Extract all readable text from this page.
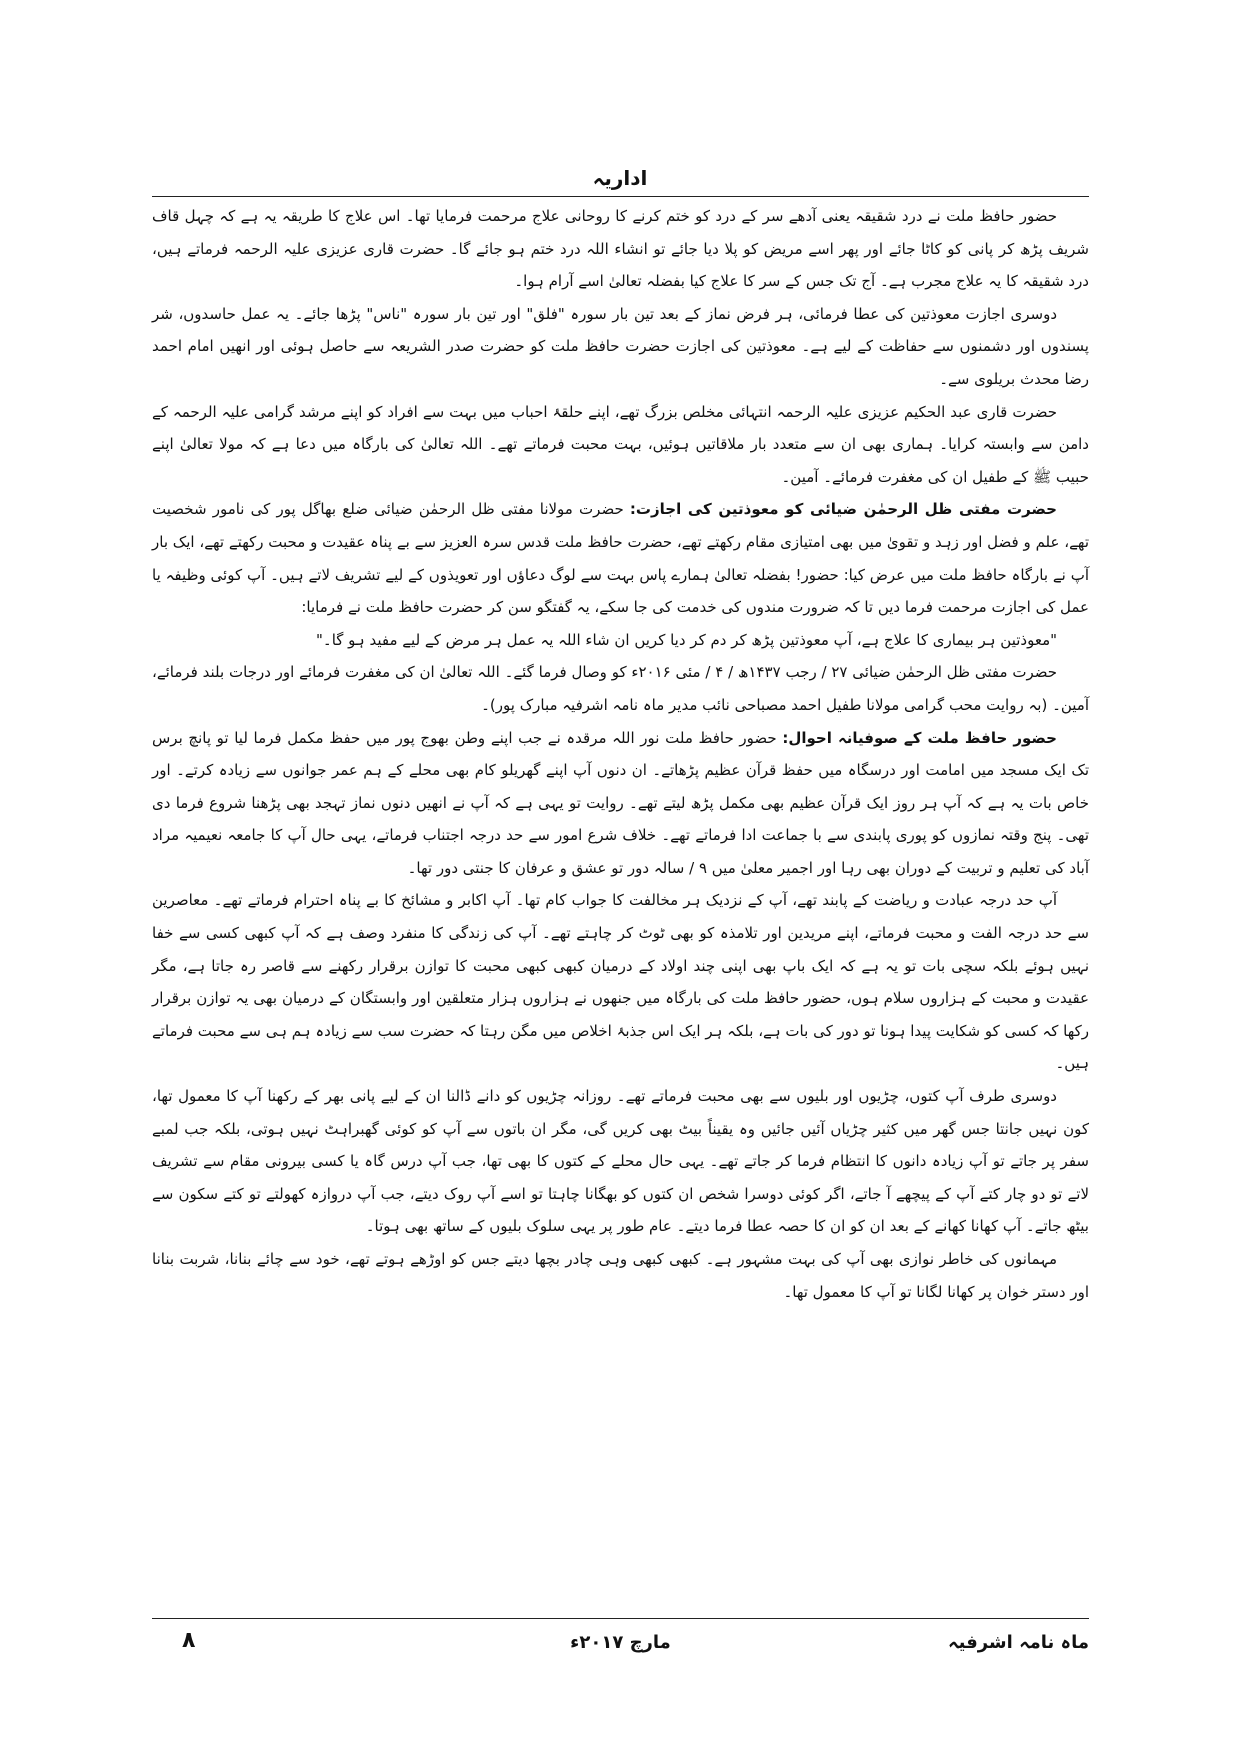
اداریہ

حضور حافظ ملت نے درد شقیقہ یعنی آدھے سر کے درد کو ختم کرنے کا روحانی علاج مرحمت فرمایا تھا۔ اس علاج کا طریقہ یہ ہے کہ چہل قاف شریف پڑھ کر پانی کو کاٹا جائے اور پھر اسے مریض کو پلا دیا جائے تو انشاء اللہ درد ختم ہو جائے گا۔ حضرت قاری عزیزی علیہ الرحمہ فرماتے ہیں، درد شقیقہ کا یہ علاج مجرب ہے۔ آج تک جس کے سر کا علاج کیا بفضلہ تعالیٰ اسے آرام ہوا۔

دوسری اجازت معوذتین کی عطا فرمائی، ہر فرض نماز کے بعد تین بار سورہ "فلق" اور تین بار سورہ "ناس" پڑھا جائے۔ یہ عمل حاسدوں، شر پسندوں اور دشمنوں سے حفاظت کے لیے ہے۔ معوذتین کی اجازت حضرت حافظ ملت کو حضرت صدر الشریعہ سے حاصل ہوئی اور انھیں امام احمد رضا محدث بریلوی سے۔

حضرت قاری عبد الحکیم عزیزی علیہ الرحمہ انتہائی مخلص بزرگ تھے، اپنے حلقۂ احباب میں بہت سے افراد کو اپنے مرشد گرامی علیہ الرحمہ کے دامن سے وابستہ کرایا۔ ہماری بھی ان سے متعدد بار ملاقاتیں ہوئیں، بہت محبت فرماتے تھے۔ اللہ تعالیٰ کی بارگاہ میں دعا ہے کہ مولا تعالیٰ اپنے حبیب ﷺ کے طفیل ان کی مغفرت فرمائے۔ آمین۔

حضرت مفتی ظل الرحمٰن ضیائی کو معوذتین کی اجازت: حضرت مولانا مفتی ظل الرحمٰن ضیائی ضلع بھاگل پور کی نامور شخصیت تھے، علم و فضل اور زہد و تقویٰ میں بھی امتیازی مقام رکھتے تھے، حضرت حافظ ملت قدس سرہ العزیز سے بے پناہ عقیدت و محبت رکھتے تھے، ایک بار آپ نے بارگاہ حافظ ملت میں عرض کیا: حضور! بفضلہ تعالیٰ ہمارے پاس بہت سے لوگ دعاؤں اور تعویذوں کے لیے تشریف لاتے ہیں۔ آپ کوئی وظیفہ یا عمل کی اجازت مرحمت فرما دیں تا کہ ضرورت مندوں کی خدمت کی جا سکے، یہ گفتگو سن کر حضرت حافظ ملت نے فرمایا:

"معوذتین ہر بیماری کا علاج ہے، آپ معوذتین پڑھ کر دم کر دیا کریں ان شاء اللہ یہ عمل ہر مرض کے لیے مفید ہو گا۔"

حضرت مفتی ظل الرحمٰن ضیائی ۲۷ / رجب ۱۴۳۷ھ / ۴ / مئی ۲۰۱۶ء کو وصال فرما گئے۔ اللہ تعالیٰ ان کی مغفرت فرمائے اور درجات بلند فرمائے، آمین۔ (بہ روایت محب گرامی مولانا طفیل احمد مصباحی نائب مدیر ماہ نامہ اشرفیہ مبارک پور)۔

حضور حافظ ملت کے صوفیانہ احوال: حضور حافظ ملت نور اللہ مرقدہ نے جب اپنے وطن بھوج پور میں حفظ مکمل فرما لیا تو پانچ برس تک ایک مسجد میں امامت اور درسگاہ میں حفظ قرآن عظیم پڑھاتے۔ ان دنوں آپ اپنے گھریلو کام بھی محلے کے ہم عمر جوانوں سے زیادہ کرتے۔ اور خاص بات یہ ہے کہ آپ ہر روز ایک قرآن عظیم بھی مکمل پڑھ لیتے تھے۔ روایت تو یہی ہے کہ آپ نے انھیں دنوں نماز تہجد بھی پڑھنا شروع فرما دی تھی۔ پنج وقتہ نمازوں کو پوری پابندی سے با جماعت ادا فرماتے تھے۔ خلاف شرع امور سے حد درجہ اجتناب فرماتے، یہی حال آپ کا جامعہ نعیمیہ مراد آباد کی تعلیم و تربیت کے دوران بھی رہا اور اجمیر معلیٰ میں ۹ / سالہ دور تو عشق و عرفان کا جنتی دور تھا۔

آپ حد درجہ عبادت و ریاضت کے پابند تھے، آپ کے نزدیک ہر مخالفت کا جواب کام تھا۔ آپ اکابر و مشائخ کا بے پناہ احترام فرماتے تھے۔ معاصرین سے حد درجہ الفت و محبت فرماتے، اپنے مریدین اور تلامذہ کو بھی ٹوٹ کر چاہتے تھے۔ آپ کی زندگی کا منفرد وصف ہے کہ آپ کبھی کسی سے خفا نہیں ہوئے بلکہ سچی بات تو یہ ہے کہ ایک باپ بھی اپنی چند اولاد کے درمیان کبھی کبھی محبت کا توازن برقرار رکھنے سے قاصر رہ جاتا ہے، مگر عقیدت و محبت کے ہزاروں سلام ہوں، حضور حافظ ملت کی بارگاہ میں جنھوں نے ہزاروں ہزار متعلقین اور وابستگان کے درمیان بھی یہ توازن برقرار رکھا کہ کسی کو شکایت پیدا ہونا تو دور کی بات ہے، بلکہ ہر ایک اس جذبۂ اخلاص میں مگن رہتا کہ حضرت سب سے زیادہ ہم ہی سے محبت فرماتے ہیں۔

دوسری طرف آپ کتوں، چڑیوں اور بلیوں سے بھی محبت فرماتے تھے۔ روزانہ چڑیوں کو دانے ڈالنا ان کے لیے پانی بھر کے رکھنا آپ کا معمول تھا، کون نہیں جانتا جس گھر میں کثیر چڑیاں آئیں جائیں وہ یقیناً بیٹ بھی کریں گی، مگر ان باتوں سے آپ کو کوئی گھبراہٹ نہیں ہوتی، بلکہ جب لمبے سفر پر جاتے تو آپ زیادہ دانوں کا انتظام فرما کر جاتے تھے۔ یہی حال محلے کے کتوں کا بھی تھا، جب آپ درس گاہ یا کسی بیرونی مقام سے تشریف لاتے تو دو چار کتے آپ کے پیچھے آ جاتے، اگر کوئی دوسرا شخص ان کتوں کو بھگانا چاہتا تو اسے آپ روک دیتے، جب آپ دروازہ کھولتے تو کتے سکون سے بیٹھ جاتے۔ آپ کھانا کھانے کے بعد ان کو ان کا حصہ عطا فرما دیتے۔ عام طور پر یہی سلوک بلیوں کے ساتھ بھی ہوتا۔

مہمانوں کی خاطر نوازی بھی آپ کی بہت مشہور ہے۔ کبھی کبھی وہی چادر بچھا دیتے جس کو اوڑھے ہوتے تھے، خود سے چائے بنانا، شربت بنانا اور دستر خوان پر کھانا لگانا تو آپ کا معمول تھا۔

ماہ نامہ اشرفیہ
مارچ ۲۰۱۷ء
۸
